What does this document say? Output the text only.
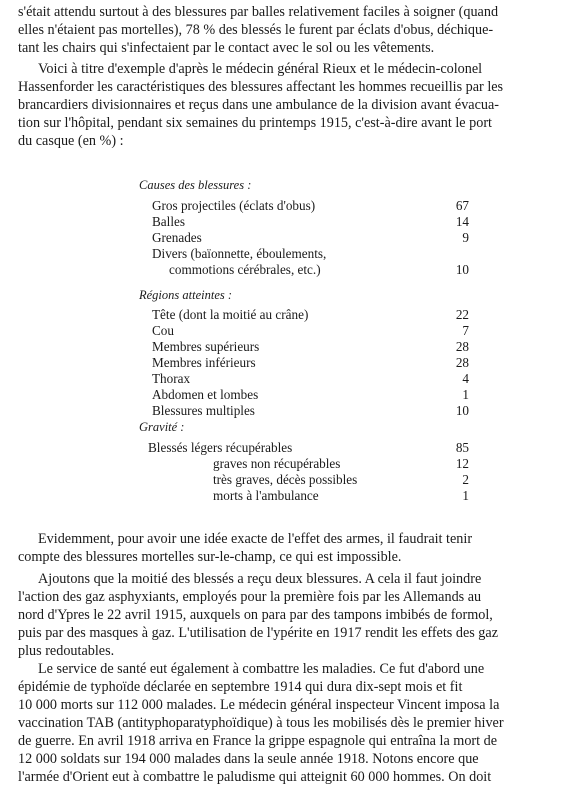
s'était attendu surtout à des blessures par balles relativement faciles à soigner (quand
elles n'étaient pas mortelles), 78 % des blessés le furent par éclats d'obus, déchique-
tant les chairs qui s'infectaient par le contact avec le sol ou les vêtements.
Voici à titre d'exemple d'après le médecin général Rieux et le médecin-colonel
Hassenforder les caractéristiques des blessures affectant les hommes recueillis par les
brancardiers divisionnaires et reçus dans une ambulance de la division avant évacua-
tion sur l'hôpital, pendant six semaines du printemps 1915, c'est-à-dire avant le port
du casque (en %) :
Causes des blessures :
Gros projectiles (éclats d'obus)	67
Balles	14
Grenades	9
Divers (baïonnette, éboulements,
commotions cérébrales, etc.)	10
Régions atteintes :
Tête (dont la moitié au crâne)	22
Cou	7
Membres supérieurs	28
Membres inférieurs	28
Thorax	4
Abdomen et lombes	1
Blessures multiples	10
Gravité :
Blessés légers récupérables	85
graves non récupérables	12
très graves, décès possibles	2
morts à l'ambulance	1
Evidemment, pour avoir une idée exacte de l'effet des armes, il faudrait tenir
compte des blessures mortelles sur-le-champ, ce qui est impossible.
Ajoutons que la moitié des blessés a reçu deux blessures. A cela il faut joindre
l'action des gaz asphyxiants, employés pour la première fois par les Allemands au
nord d'Ypres le 22 avril 1915, auxquels on para par des tampons imbibés de formol,
puis par des masques à gaz. L'utilisation de l'ypérite en 1917 rendit les effets des gaz
plus redoutables.
Le service de santé eut également à combattre les maladies. Ce fut d'abord une
épidémie de typhoïde déclarée en septembre 1914 qui dura dix-sept mois et fit
10 000 morts sur 112 000 malades. Le médecin général inspecteur Vincent imposa la
vaccination TAB (antityphoparatyphoïdique) à tous les mobilisés dès le premier hiver
de guerre. En avril 1918 arriva en France la grippe espagnole qui entraîna la mort de
12 000 soldats sur 194 000 malades dans la seule année 1918. Notons encore que
l'armée d'Orient eut à combattre le paludisme qui atteignit 60 000 hommes. On doit
